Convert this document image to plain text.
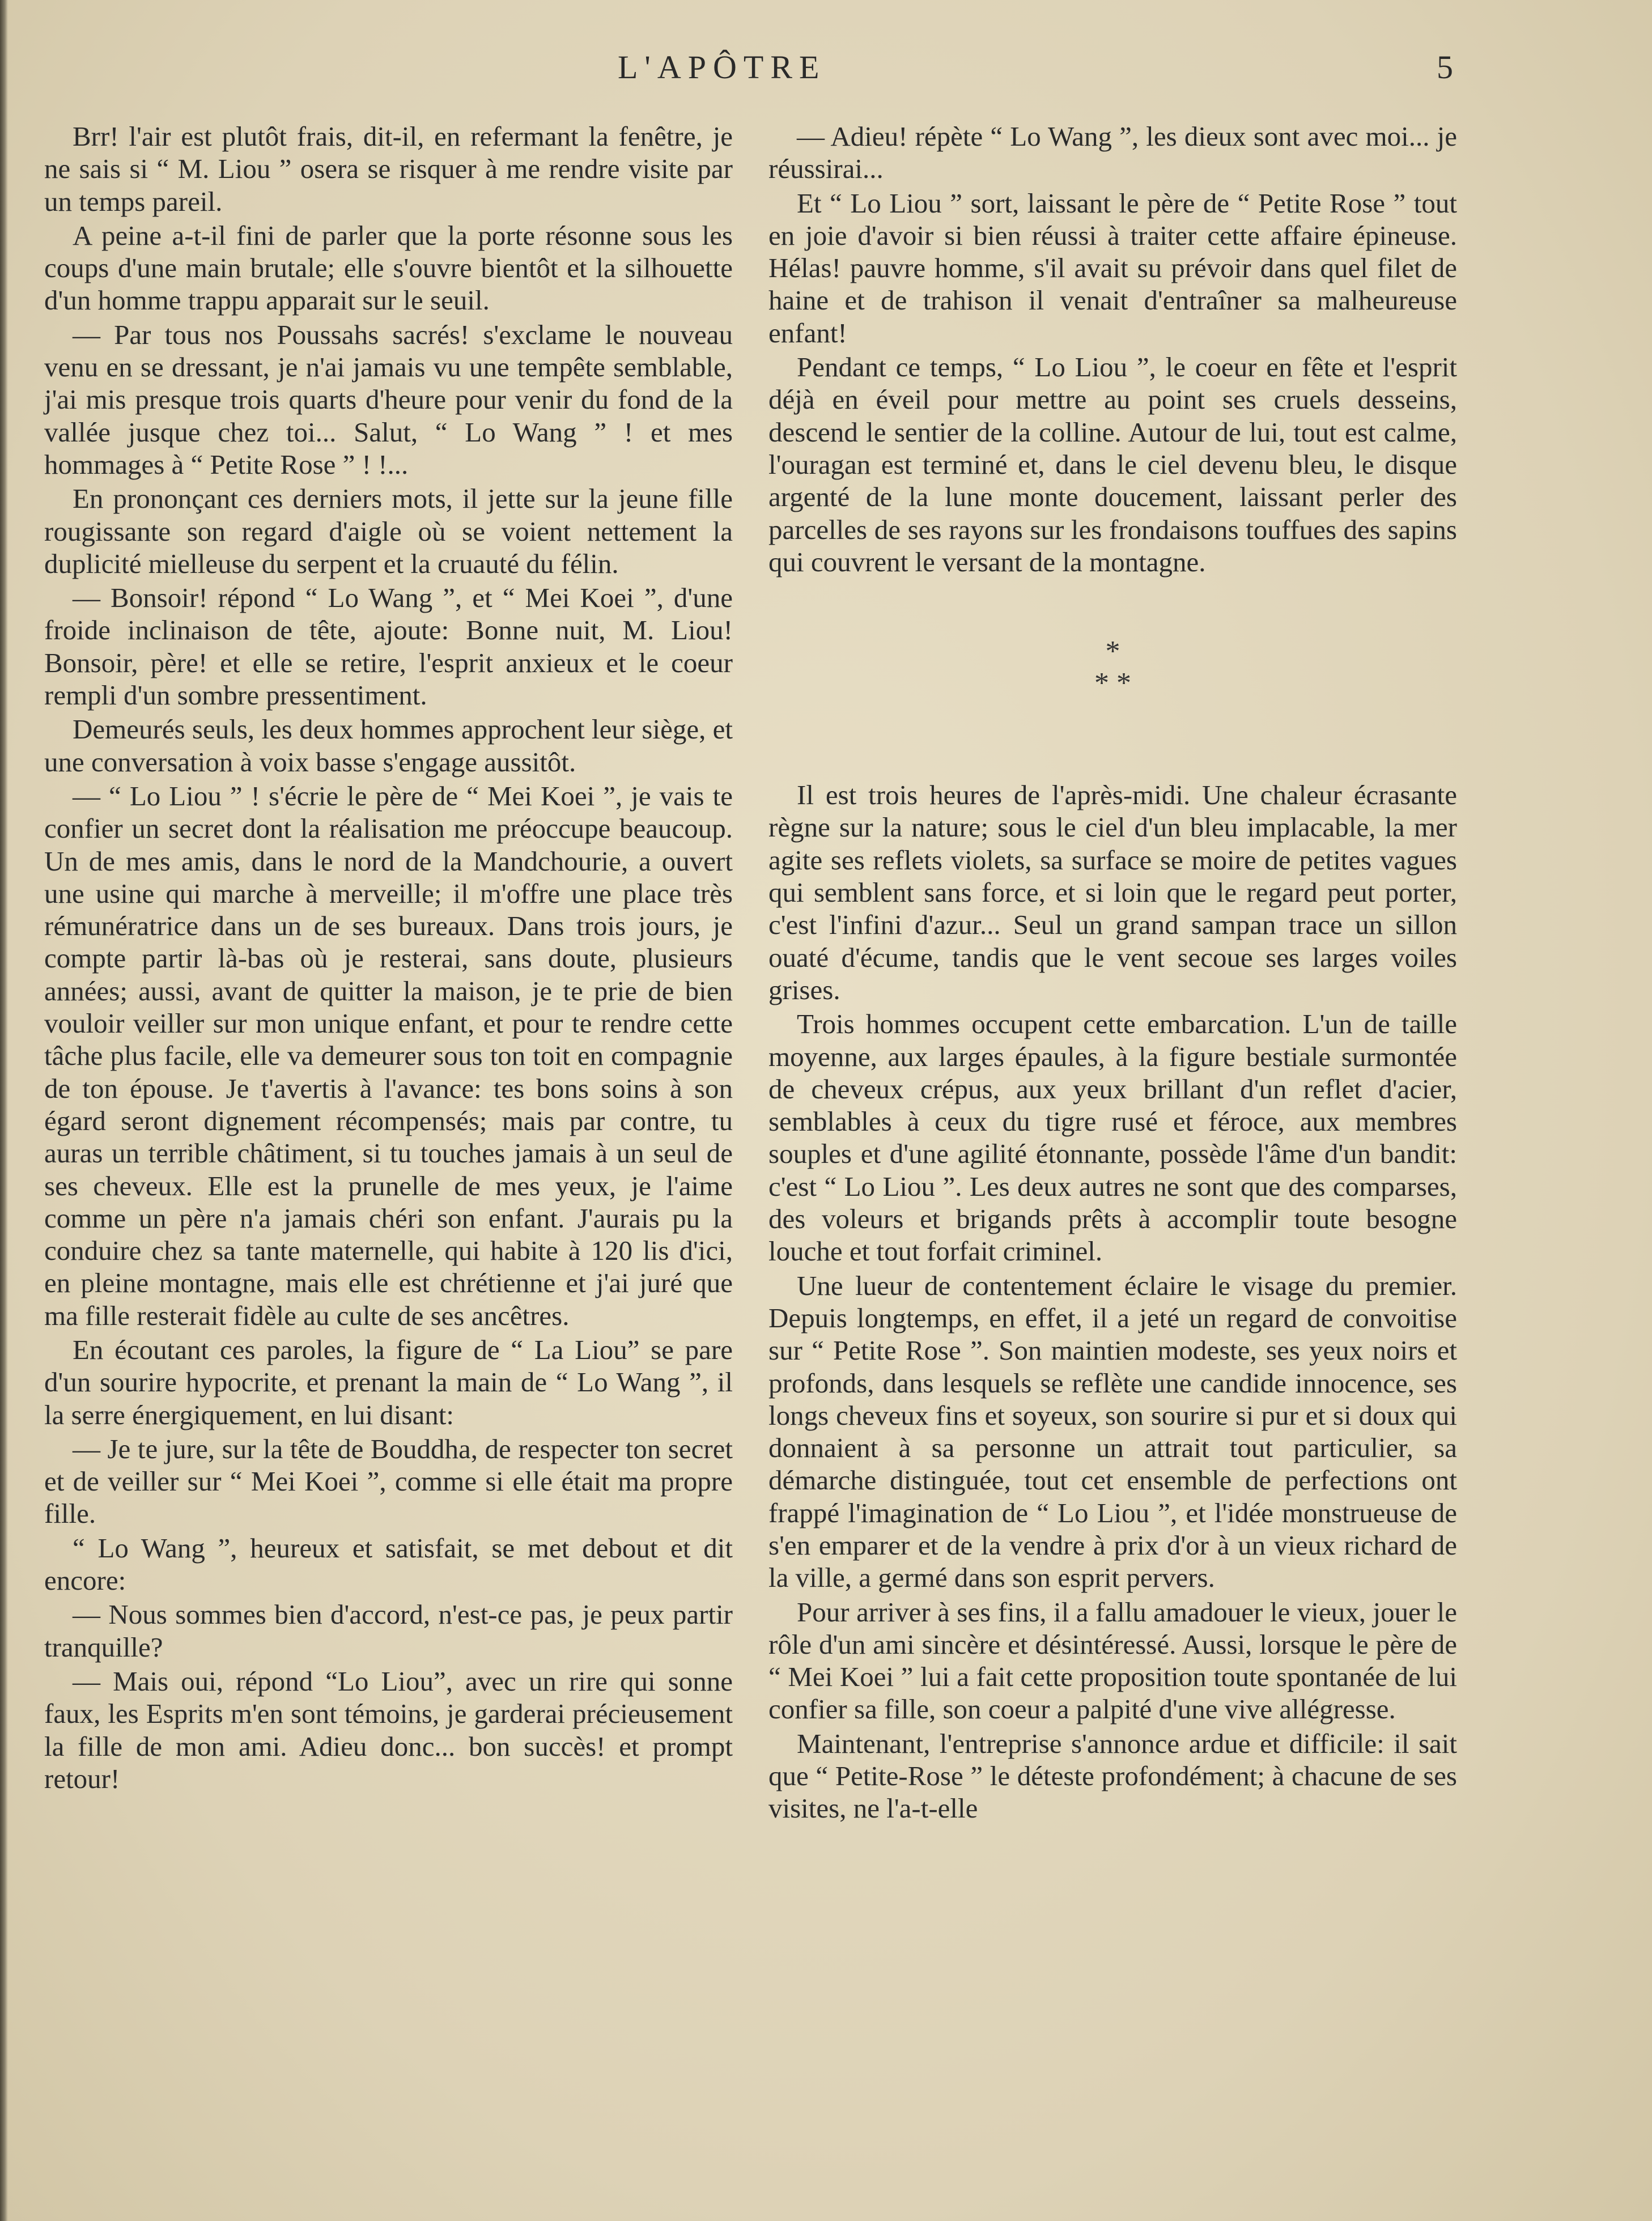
L'APÔTRE	5

Brr! l'air est plutôt frais, dit-il, en refermant la fenêtre, je ne sais si “ M. Liou ” osera se risquer à me rendre visite par un temps pareil.

A peine a-t-il fini de parler que la porte résonne sous les coups d'une main brutale; elle s'ouvre bientôt et la silhouette d'un homme trappu apparait sur le seuil.

— Par tous nos Poussahs sacrés! s'exclame le nouveau venu en se dressant, je n'ai jamais vu une tempête semblable, j'ai mis presque trois quarts d'heure pour venir du fond de la vallée jusque chez toi... Salut, “ Lo Wang ” ! et mes hommages à “ Petite Rose ” ! !...

En prononçant ces derniers mots, il jette sur la jeune fille rougissante son regard d'aigle où se voient nettement la duplicité mielleuse du serpent et la cruauté du félin.

— Bonsoir! répond “ Lo Wang ”, et “ Mei Koei ”, d'une froide inclinaison de tête, ajoute: Bonne nuit, M. Liou! Bonsoir, père! et elle se retire, l'esprit anxieux et le coeur rempli d'un sombre pressentiment.

Demeurés seuls, les deux hommes approchent leur siège, et une conversation à voix basse s'engage aussitôt.

— “ Lo Liou ” ! s'écrie le père de “ Mei Koei ”, je vais te confier un secret dont la réalisation me préoccupe beaucoup. Un de mes amis, dans le nord de la Mandchourie, a ouvert une usine qui marche à merveille; il m'offre une place très rémunératrice dans un de ses bureaux. Dans trois jours, je compte partir là-bas où je resterai, sans doute, plusieurs années; aussi, avant de quitter la maison, je te prie de bien vouloir veiller sur mon unique enfant, et pour te rendre cette tâche plus facile, elle va demeurer sous ton toit en compagnie de ton épouse. Je t'avertis à l'avance: tes bons soins à son égard seront dignement récompensés; mais par contre, tu auras un terrible châtiment, si tu touches jamais à un seul de ses cheveux. Elle est la prunelle de mes yeux, je l'aime comme un père n'a jamais chéri son enfant. J'aurais pu la conduire chez sa tante maternelle, qui habite à 120 lis d'ici, en pleine montagne, mais elle est chrétienne et j'ai juré que ma fille resterait fidèle au culte de ses ancêtres.

En écoutant ces paroles, la figure de “ La Liou” se pare d'un sourire hypocrite, et prenant la main de “ Lo Wang ”, il la serre énergiquement, en lui disant:

— Je te jure, sur la tête de Bouddha, de respecter ton secret et de veiller sur “ Mei Koei ”, comme si elle était ma propre fille.

“ Lo Wang ”, heureux et satisfait, se met debout et dit encore:

— Nous sommes bien d'accord, n'est-ce pas, je peux partir tranquille?

— Mais oui, répond “Lo Liou”, avec un rire qui sonne faux, les Esprits m'en sont témoins, je garderai précieusement la fille de mon ami. Adieu donc... bon succès! et prompt retour!

— Adieu! répète “ Lo Wang ”, les dieux sont avec moi... je réussirai...

Et “ Lo Liou ” sort, laissant le père de “ Petite Rose ” tout en joie d'avoir si bien réussi à traiter cette affaire épineuse. Hélas! pauvre homme, s'il avait su prévoir dans quel filet de haine et de trahison il venait d'entraîner sa malheureuse enfant!

Pendant ce temps, “ Lo Liou ”, le coeur en fête et l'esprit déjà en éveil pour mettre au point ses cruels desseins, descend le sentier de la colline. Autour de lui, tout est calme, l'ouragan est terminé et, dans le ciel devenu bleu, le disque argenté de la lune monte doucement, laissant perler des parcelles de ses rayons sur les frondaisons touffues des sapins qui couvrent le versant de la montagne.

*
* *

Il est trois heures de l'après-midi. Une chaleur écrasante règne sur la nature; sous le ciel d'un bleu implacable, la mer agite ses reflets violets, sa surface se moire de petites vagues qui semblent sans force, et si loin que le regard peut porter, c'est l'infini d'azur... Seul un grand sampan trace un sillon ouaté d'écume, tandis que le vent secoue ses larges voiles grises.

Trois hommes occupent cette embarcation. L'un de taille moyenne, aux larges épaules, à la figure bestiale surmontée de cheveux crépus, aux yeux brillant d'un reflet d'acier, semblables à ceux du tigre rusé et féroce, aux membres souples et d'une agilité étonnante, possède l'âme d'un bandit: c'est “ Lo Liou ”. Les deux autres ne sont que des comparses, des voleurs et brigands prêts à accomplir toute besogne louche et tout forfait criminel.

Une lueur de contentement éclaire le visage du premier. Depuis longtemps, en effet, il a jeté un regard de convoitise sur “ Petite Rose ”. Son maintien modeste, ses yeux noirs et profonds, dans lesquels se reflète une candide innocence, ses longs cheveux fins et soyeux, son sourire si pur et si doux qui donnaient à sa personne un attrait tout particulier, sa démarche distinguée, tout cet ensemble de perfections ont frappé l'imagination de “ Lo Liou ”, et l'idée monstrueuse de s'en emparer et de la vendre à prix d'or à un vieux richard de la ville, a germé dans son esprit pervers.

Pour arriver à ses fins, il a fallu amadouer le vieux, jouer le rôle d'un ami sincère et désintéressé. Aussi, lorsque le père de “ Mei Koei ” lui a fait cette proposition toute spontanée de lui confier sa fille, son coeur a palpité d'une vive allégresse.

Maintenant, l'entreprise s'annonce ardue et difficile: il sait que “ Petite-Rose ” le déteste profondément; à chacune de ses visites, ne l'a-t-elle
